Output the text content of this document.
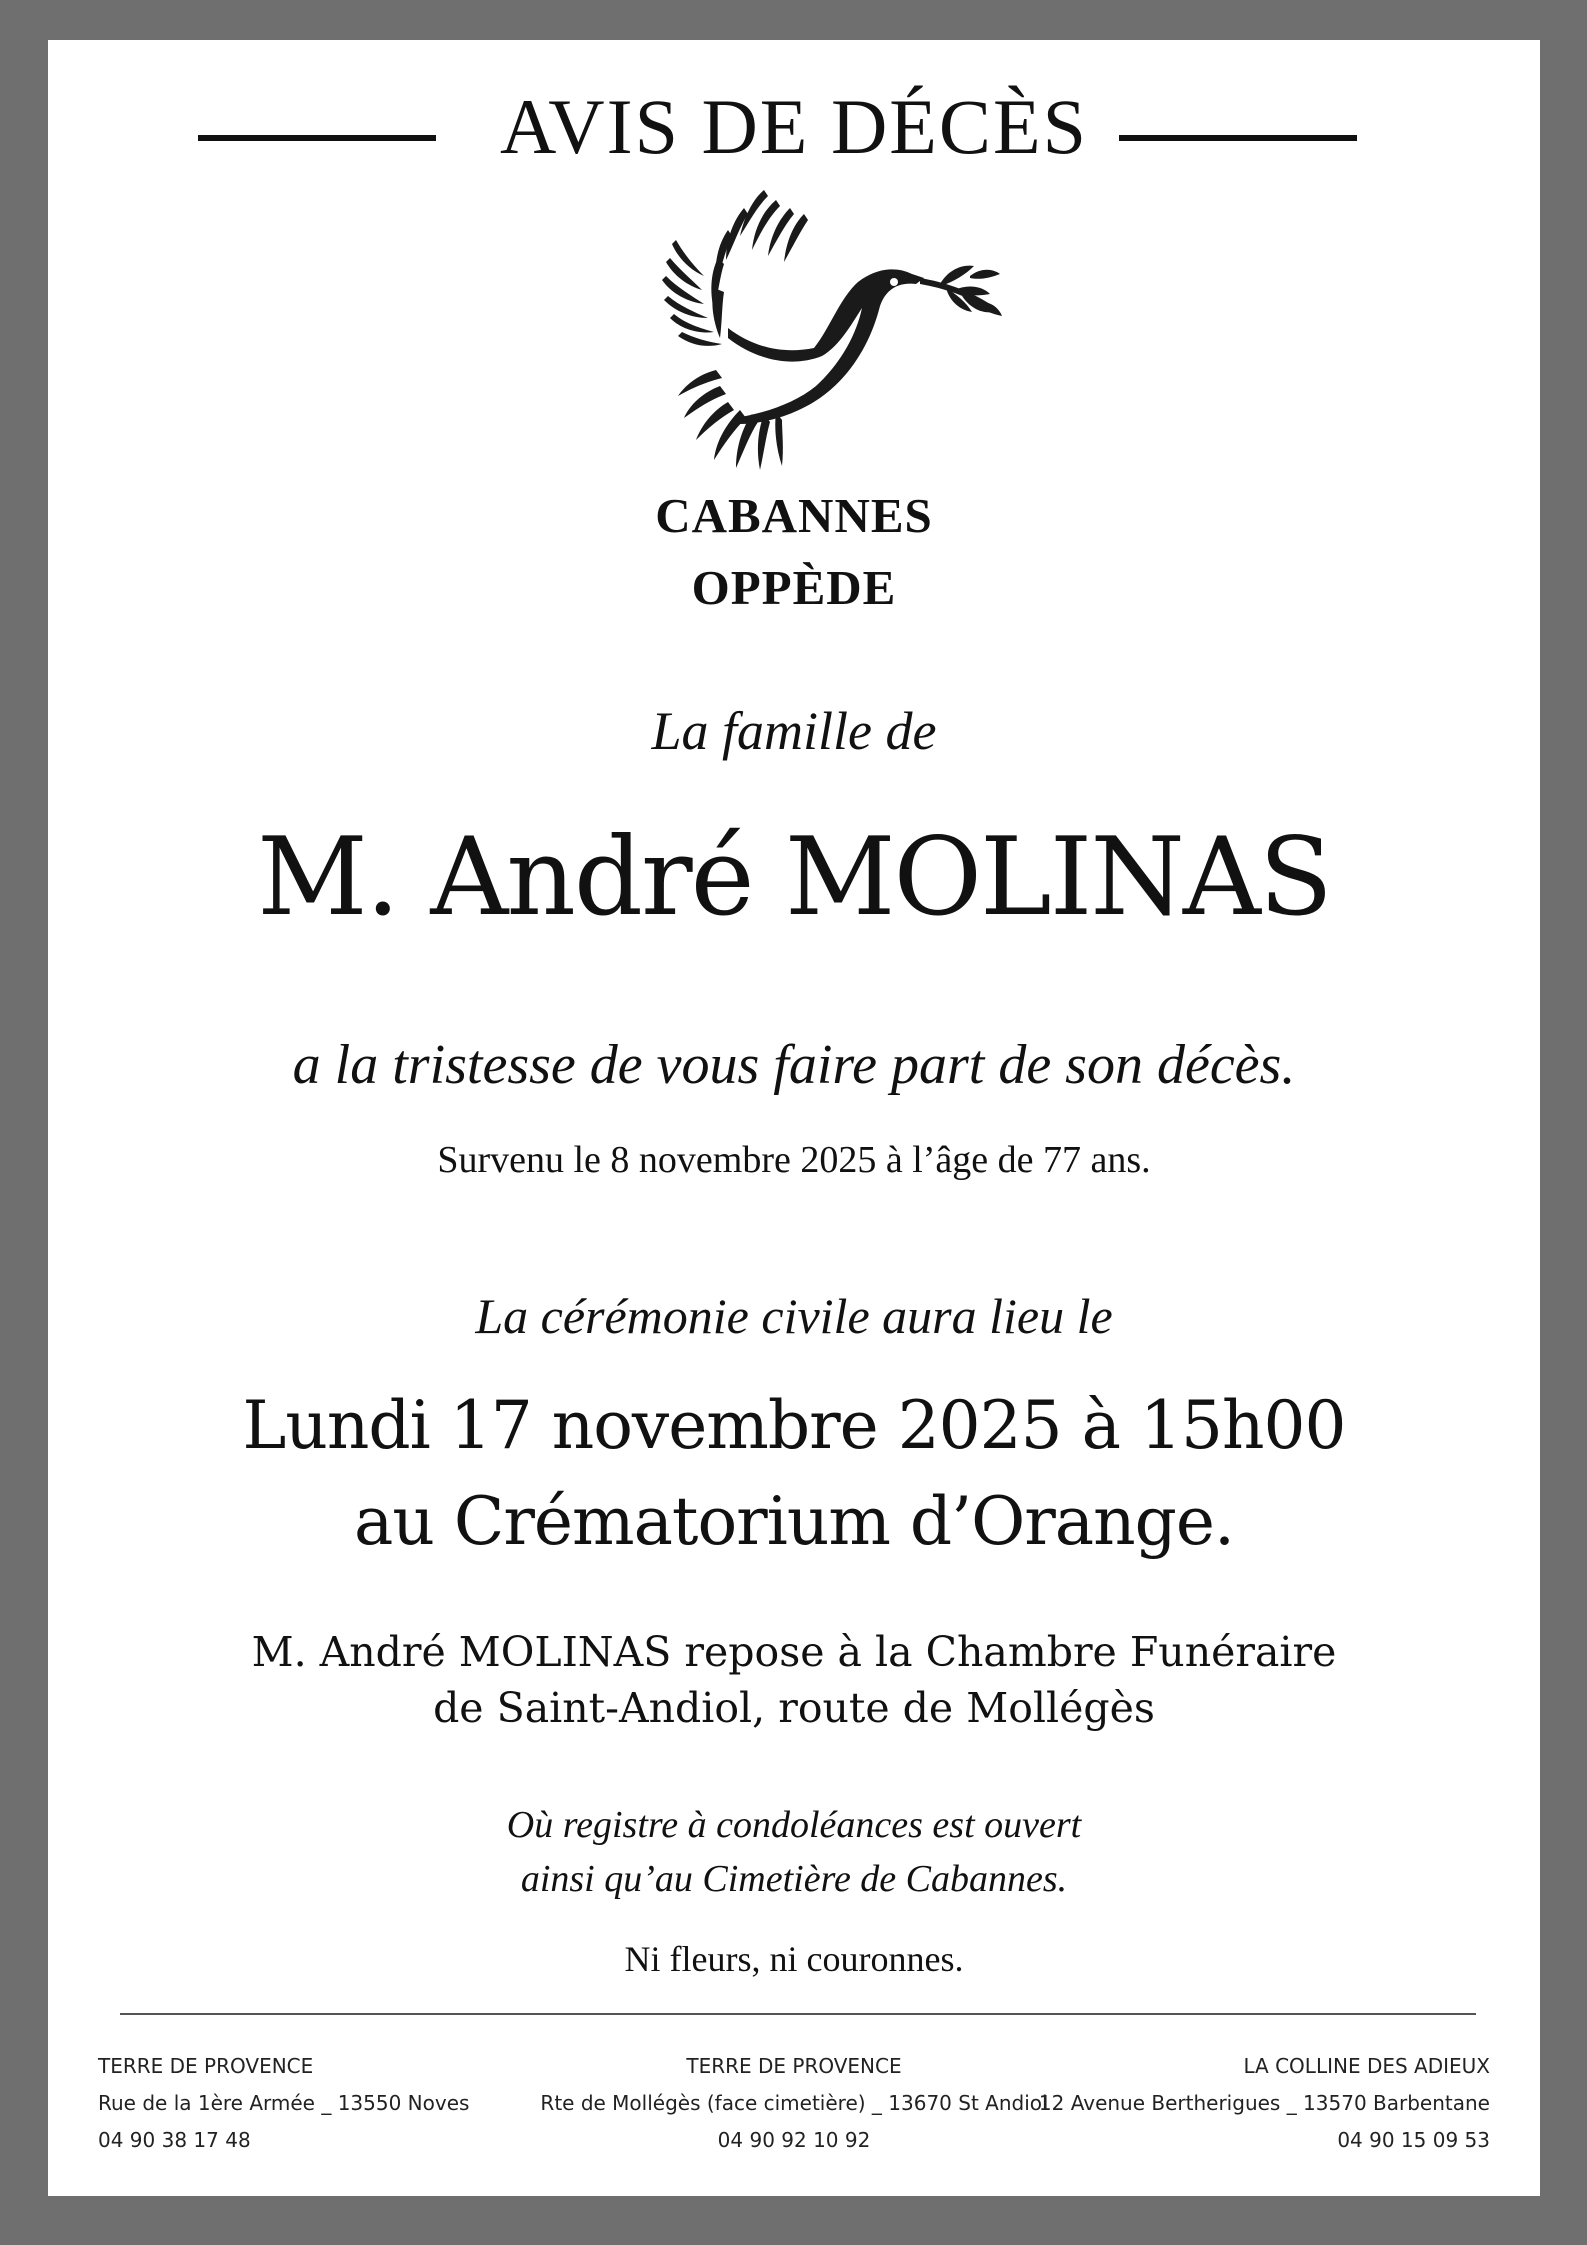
AVIS DE DÉCÈS
CABANNES
OPPÈDE
La famille de
M. André MOLINAS
a la tristesse de vous faire part de son décès.
Survenu le 8 novembre 2025 à l’âge de 77 ans.
La cérémonie civile aura lieu le
Lundi 17 novembre 2025 à 15h00
au Crématorium d’Orange.
M. André MOLINAS repose à la Chambre Funéraire
de Saint-Andiol, route de Mollégès
Où registre à condoléances est ouvert
ainsi qu’au Cimetière de Cabannes.
Ni fleurs, ni couronnes.
TERRE DE PROVENCE
Rue de la 1ère Armée _ 13550 Noves
04 90 38 17 48
TERRE DE PROVENCE
Rte de Mollégès (face cimetière) _ 13670 St Andiol
04 90 92 10 92
LA COLLINE DES ADIEUX
12 Avenue Bertherigues _ 13570 Barbentane
04 90 15 09 53
